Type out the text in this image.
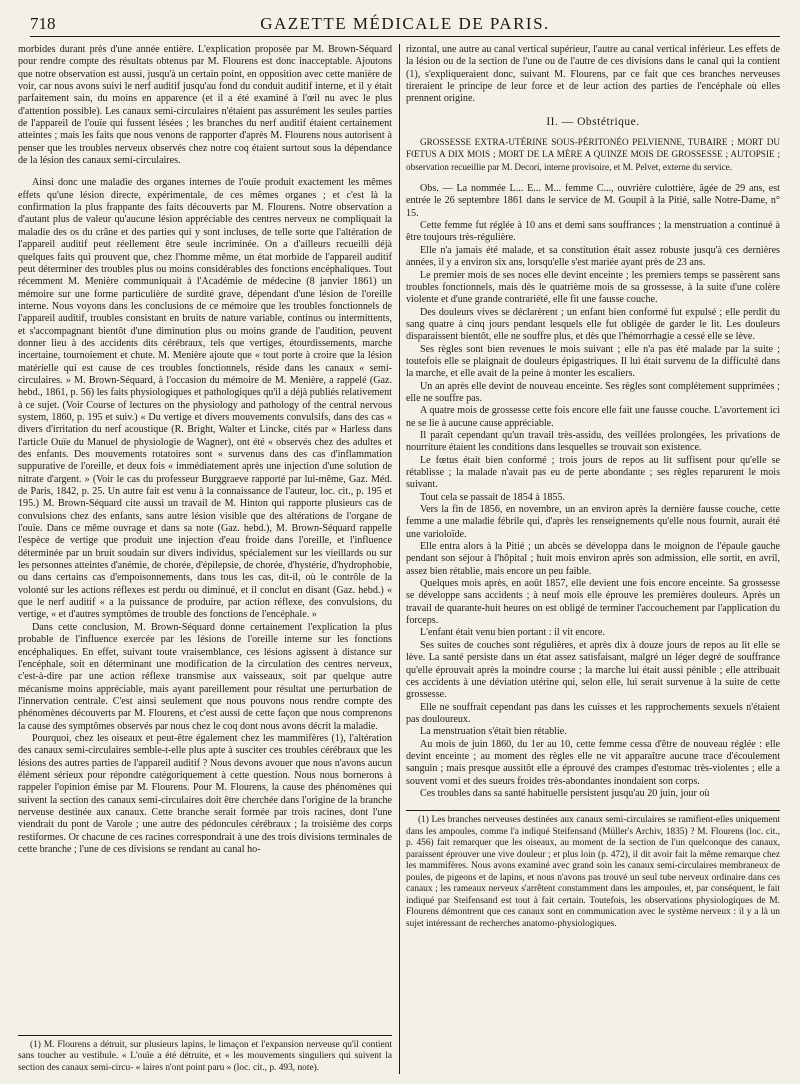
718	GAZETTE MÉDICALE DE PARIS.

morbides durant près d'une année entière. L'explication proposée par M. Brown-Séquard pour rendre compte des résultats obtenus par M. Flourens est donc inacceptable. Ajoutons que notre observation est aussi, jusqu'à un certain point, en opposition avec cette manière de voir, car nous avons suivi le nerf auditif jusqu'au fond du conduit auditif interne, et il y était parfaitement sain, du moins en apparence (et il a été examiné à l'œil nu avec le plus d'attention possible). Les canaux semi-circulaires n'étaient pas assurément les seules parties de l'appareil de l'ouïe qui fussent lésées ; les branches du nerf auditif étaient certainement atteintes ; mais les faits que nous venons de rapporter d'après M. Flourens nous autorisent à penser que les troubles nerveux observés chez notre coq étaient surtout sous la dépendance de la lésion des canaux semi-circulaires.

Ainsi donc une maladie des organes internes de l'ouïe produit exactement les mêmes effets qu'une lésion directe, expérimentale, de ces mêmes organes ; et c'est là la confirmation la plus frappante des faits découverts par M. Flourens. Notre observation a d'autant plus de valeur qu'aucune lésion appréciable des centres nerveux ne compliquait la maladie des os du crâne et des parties qui y sont incluses, de telle sorte que l'altération de l'appareil auditif peut réellement être seule incriminée. On a d'ailleurs recueilli déjà quelques faits qui prouvent que, chez l'homme même, un état morbide de l'appareil auditif peut déterminer des troubles plus ou moins considérables des fonctions encéphaliques. Tout récemment M. Menière communiquait à l'Académie de médecine (8 janvier 1861) un mémoire sur une forme particulière de surdité grave, dépendant d'une lésion de l'oreille interne. Nous voyons dans les conclusions de ce mémoire que les troubles fonctionnels de l'appareil auditif, troubles consistant en bruits de nature variable, continus ou intermittents, et s'accompagnant bientôt d'une diminution plus ou moins grande de l'audition, peuvent donner lieu à des accidents dits cérébraux, tels que vertiges, étourdissements, marche incertaine, tournoiement et chute. M. Menière ajoute que « tout porte à croire que la lésion matérielle qui est cause de ces troubles fonctionnels, réside dans les canaux « semi-circulaires. » M. Brown-Séquard, à l'occasion du mémoire de M. Menière, a rappelé (Gaz. hebd., 1861, p. 56) les faits physiologiques et pathologiques qu'il a déjà publiés relativement à ce sujet. (Voir Course of lectures on the physiology and pathology of the central nervous system, 1860, p. 195 et suiv.) « Du vertige et divers mouvements convulsifs, dans des cas « divers d'irritation du nerf acoustique (R. Bright, Walter et Lincke, cités par « Harless dans l'article Ouïe du Manuel de physiologie de Wagner), ont été « observés chez des adultes et des enfants. Des mouvements rotatoires sont « survenus dans des cas d'inflammation suppurative de l'oreille, et deux fois « immédiatement après une injection d'une solution de nitrate d'argent. » (Voir le cas du professeur Burggraeve rapporté par lui-même, Gaz. Méd. de Paris, 1842, p. 25. Un autre fait est venu à la connaissance de l'auteur, loc. cit., p. 195 et 195.) M. Brown-Séquard cite aussi un travail de M. Hinton qui rapporte plusieurs cas de convulsions chez des enfants, sans autre lésion visible que des altérations de l'organe de l'ouïe. Dans ce même ouvrage et dans sa note (Gaz. hebd.), M. Brown-Séquard rappelle l'espèce de vertige que produit une injection d'eau froide dans l'oreille, et l'influence déterminée par un bruit soudain sur divers individus, spécialement sur les vieillards ou sur les personnes atteintes d'anémie, de chorée, d'épilepsie, de chorée, d'hystérie, d'hydrophobie, ou dans certains cas d'empoisonnements, dans tous les cas, dit-il, où le contrôle de la volonté sur les actions réflexes est perdu ou diminué, et il conclut en disant (Gaz. hebd.) « que le nerf auditif « a la puissance de produire, par action réflexe, des convulsions, du vertige, « et d'autres symptômes de trouble des fonctions de l'encéphale. »

Dans cette conclusion, M. Brown-Séquard donne certainement l'explication la plus probable de l'influence exercée par les lésions de l'oreille interne sur les fonctions encéphaliques. En effet, suivant toute vraisemblance, ces lésions agissent à distance sur l'encéphale, soit en déterminant une modification de la circulation des centres nerveux, c'est-à-dire par une action réflexe transmise aux vaisseaux, soit par quelque autre mécanisme moins appréciable, mais ayant pareillement pour résultat une perturbation de l'innervation centrale. C'est ainsi seulement que nous pouvons nous rendre compte des phénomènes découverts par M. Flourens, et c'est aussi de cette façon que nous comprenons la cause des symptômes observés par nous chez le coq dont nous avons décrit la maladie.

Pourquoi, chez les oiseaux et peut-être également chez les mammifères (1), l'altération des canaux semi-circulaires semble-t-elle plus apte à susciter ces troubles cérébraux que les lésions des autres parties de l'appareil auditif ? Nous devons avouer que nous n'avons aucun élément sérieux pour répondre catégoriquement à cette question. Nous nous bornerons à rappeler l'opinion émise par M. Flourens. Pour M. Flourens, la cause des phénomènes qui suivent la section des canaux semi-circulaires doit être cherchée dans l'origine de la branche nerveuse destinée aux canaux. Cette branche serait formée par trois racines, dont l'une viendrait du pont de Varole ; une autre des pédoncules cérébraux ; la troisième des corps restiformes. Or chacune de ces racines correspondrait à une des trois divisions terminales de cette branche ; l'une de ces divisions se rendant au canal ho-

(1) M. Flourens a détruit, sur plusieurs lapins, le limaçon et l'expansion nerveuse qu'il contient sans toucher au vestibule. « L'ouïe a été détruite, et « les mouvements singuliers qui suivent la section des canaux semi-circu- « laires n'ont point paru » (loc. cit., p. 493, note).

rizontal, une autre au canal vertical supérieur, l'autre au canal vertical inférieur. Les effets de la lésion ou de la section de l'une ou de l'autre de ces divisions dans le canal qui la contient (1), s'expliqueraient donc, suivant M. Flourens, par ce fait que ces branches nerveuses tireraient le principe de leur force et de leur action des parties de l'encéphale où elles prennent origine.

II. — Obstétrique.

GROSSESSE EXTRA-UTÉRINE SOUS-PÉRITONÉO PELVIENNE, TUBAIRE ; MORT DU FŒTUS A DIX MOIS ; MORT DE LA MÈRE A QUINZE MOIS DE GROSSESSE ; AUTOPSIE ; observation recueillie par M. Decori, interne provisoire, et M. Pelvet, externe du service.

Obs. — La nommée L... E... M... femme C..., ouvrière culottière, âgée de 29 ans, est entrée le 26 septembre 1861 dans le service de M. Goupil à la Pitié, salle Notre-Dame, n° 15.

Cette femme fut réglée à 10 ans et demi sans souffrances ; la menstruation a continué à être toujours très-régulière.

Elle n'a jamais été malade, et sa constitution était assez robuste jusqu'à ces dernières années, il y a environ six ans, lorsqu'elle s'est mariée ayant près de 23 ans.

Le premier mois de ses noces elle devint enceinte ; les premiers temps se passèrent sans troubles fonctionnels, mais dès le quatrième mois de sa grossesse, à la suite d'une colère violente et d'une grande contrariété, elle fit une fausse couche.

Des douleurs vives se déclarèrent ; un enfant bien conformé fut expulsé ; elle perdit du sang quatre à cinq jours pendant lesquels elle fut obligée de garder le lit. Les douleurs disparaissent bientôt, elle ne souffre plus, et dès que l'hémorrhagie a cessé elle se lève.

Ses règles sont bien revenues le mois suivant ; elle n'a pas été malade par la suite ; toutefois elle se plaignait de douleurs épigastriques. Il lui était survenu de la difficulté dans la marche, et elle avait de la peine à monter les escaliers.

Un an après elle devint de nouveau enceinte. Ses règles sont complétement supprimées ; elle ne souffre pas.

A quatre mois de grossesse cette fois encore elle fait une fausse couche. L'avortement ici ne se lie à aucune cause appréciable.

Il paraît cependant qu'un travail très-assidu, des veillées prolongées, les privations de nourriture étaient les conditions dans lesquelles se trouvait son existence.

Le fœtus était bien conformé ; trois jours de repos au lit suffisent pour qu'elle se rétablisse ; la malade n'avait pas eu de perte abondante ; ses règles reparurent le mois suivant.

Tout cela se passait de 1854 à 1855.

Vers la fin de 1856, en novembre, un an environ après la dernière fausse couche, cette femme a une maladie fébrile qui, d'après les renseignements qu'elle nous fournit, aurait été une varioloïde.

Elle entra alors à la Pitié ; un abcès se développa dans le moignon de l'épaule gauche pendant son séjour à l'hôpital ; huit mois environ après son admission, elle sortit, en avril, assez bien rétablie, mais encore un peu faible.

Quelques mois après, en août 1857, elle devient une fois encore enceinte. Sa grossesse se développe sans accidents ; à neuf mois elle éprouve les premières douleurs. Après un travail de quarante-huit heures on est obligé de terminer l'accouchement par l'application du forceps.

L'enfant était venu bien portant : il vit encore.

Ses suites de couches sont régulières, et après dix à douze jours de repos au lit elle se lève. La santé persiste dans un état assez satisfaisant, malgré un léger degré de souffrance qu'elle éprouvait après la moindre course ; la marche lui était aussi pénible ; elle attribuait ces accidents à une déviation utérine qui, selon elle, lui serait survenue à la suite de cette grossesse.

Elle ne souffrait cependant pas dans les cuisses et les rapprochements sexuels n'étaient pas douloureux.

La menstruation s'était bien rétablie.

Au mois de juin 1860, du 1er au 10, cette femme cessa d'être de nouveau réglée : elle devint enceinte ; au moment des règles elle ne vit apparaître aucune trace d'écoulement sanguin ; mais presque aussitôt elle a éprouvé des crampes d'estomac très-violentes ; elle a souvent vomi et des sueurs froides très-abondantes inondaient son corps.

Ces troubles dans sa santé habituelle persistent jusqu'au 20 juin, jour où

(1) Les branches nerveuses destinées aux canaux semi-circulaires se ramifient-elles uniquement dans les ampoules, comme l'a indiqué Steifensand (Müller's Archiv, 1835) ? M. Flourens (loc. cit., p. 456) fait remarquer que les oiseaux, au moment de la section de l'un quelconque des canaux, paraissent éprouver une vive douleur ; et plus loin (p. 472), il dit avoir fait la même remarque chez les mammifères. Nous avons examiné avec grand soin les canaux semi-circulaires membraneux de poules, de pigeons et de lapins, et nous n'avons pas trouvé un seul tube nerveux ordinaire dans ces canaux ; les rameaux nerveux s'arrêtent constamment dans les ampoules, et, par conséquent, le fait indiqué par Steifensand est tout à fait certain. Toutefois, les observations physiologiques de M. Flourens démontrent que ces canaux sont en communication avec le système nerveux : il y a là un sujet intéressant de recherches anatomo-physiologiques.
